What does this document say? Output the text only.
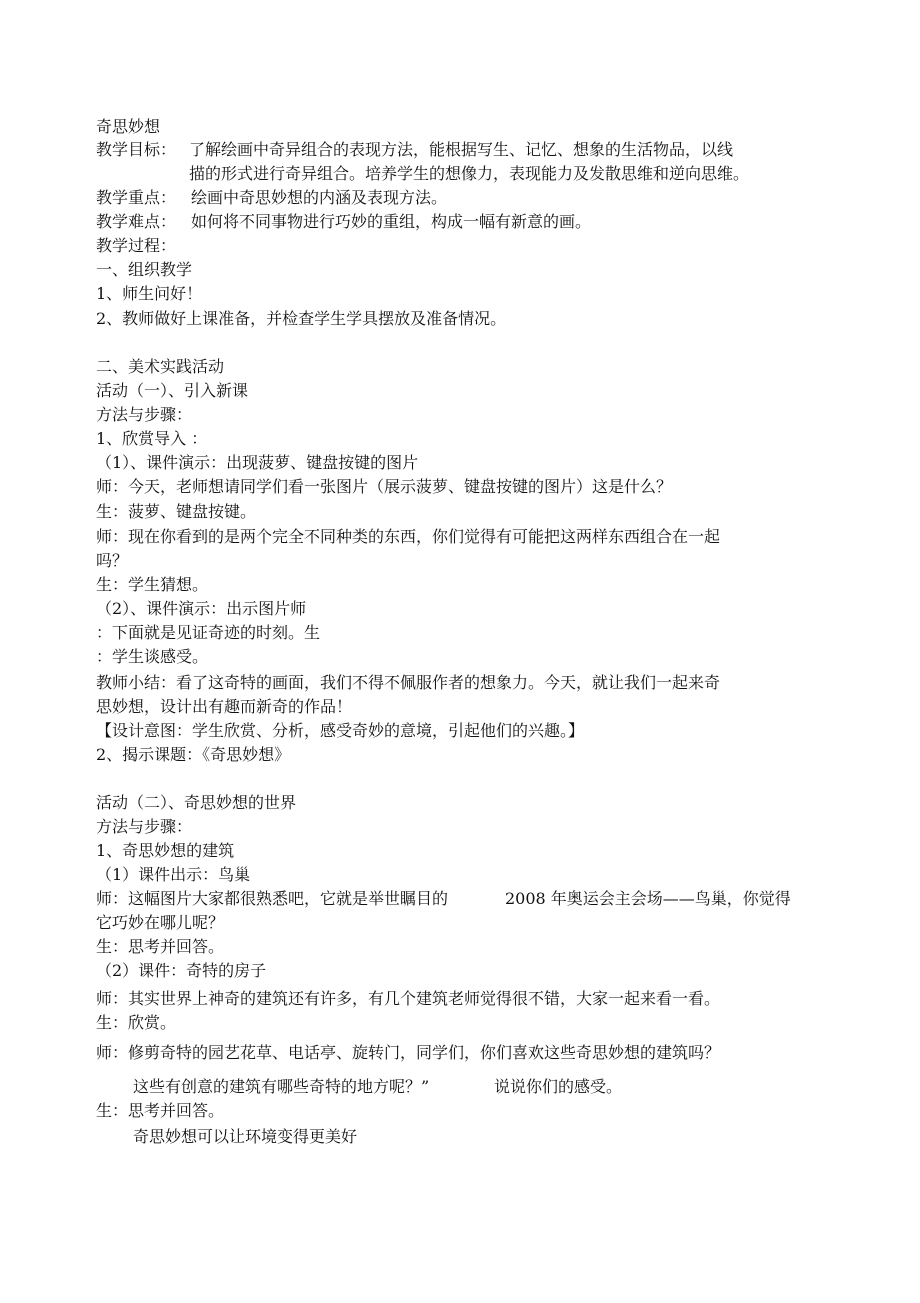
奇思妙想
教学目标： 了解绘画中奇异组合的表现方法，能根据写生、记忆、想象的生活物品，以线
描的形式进行奇异组合。培养学生的想像力，表现能力及发散思维和逆向思维。
教学重点： 绘画中奇思妙想的内涵及表现方法。
教学难点： 如何将不同事物进行巧妙的重组，构成一幅有新意的画。
教学过程：
一、组织教学
1、师生问好！
2、教师做好上课准备，并检查学生学具摆放及准备情况。
二、美术实践活动
活动（一）、引入新课
方法与步骤：
1、欣赏导入 ：
（1）、课件演示：出现菠萝、键盘按键的图片
师：今天，老师想请同学们看一张图片（展示菠萝、键盘按键的图片）这是什么？
生：菠萝、键盘按键。
师：现在你看到的是两个完全不同种类的东西，你们觉得有可能把这两样东西组合在一起
吗？
生：学生猜想。
（2）、课件演示：出示图片师
：下面就是见证奇迹的时刻。生
：学生谈感受。
教师小结：看了这奇特的画面，我们不得不佩服作者的想象力。今天，就让我们一起来奇
思妙想，设计出有趣而新奇的作品！
【设计意图：学生欣赏、分析，感受奇妙的意境，引起他们的兴趣。】
2、揭示课题：《奇思妙想》
活动（二）、奇思妙想的世界
方法与步骤：
1、奇思妙想的建筑
（1）课件出示：鸟巢
师：这幅图片大家都很熟悉吧，它就是举世瞩目的	2008 年奥运会主会场——鸟巢，你觉得
它巧妙在哪儿呢？
生：思考并回答。
（2）课件：奇特的房子
师：其实世界上神奇的建筑还有许多，有几个建筑老师觉得很不错，大家一起来看一看。
生：欣赏。
师：修剪奇特的园艺花草、电话亭、旋转门，同学们，你们喜欢这些奇思妙想的建筑吗？
这些有创意的建筑有哪些奇特的地方呢？”	说说你们的感受。
生：思考并回答。
奇思妙想可以让环境变得更美好
